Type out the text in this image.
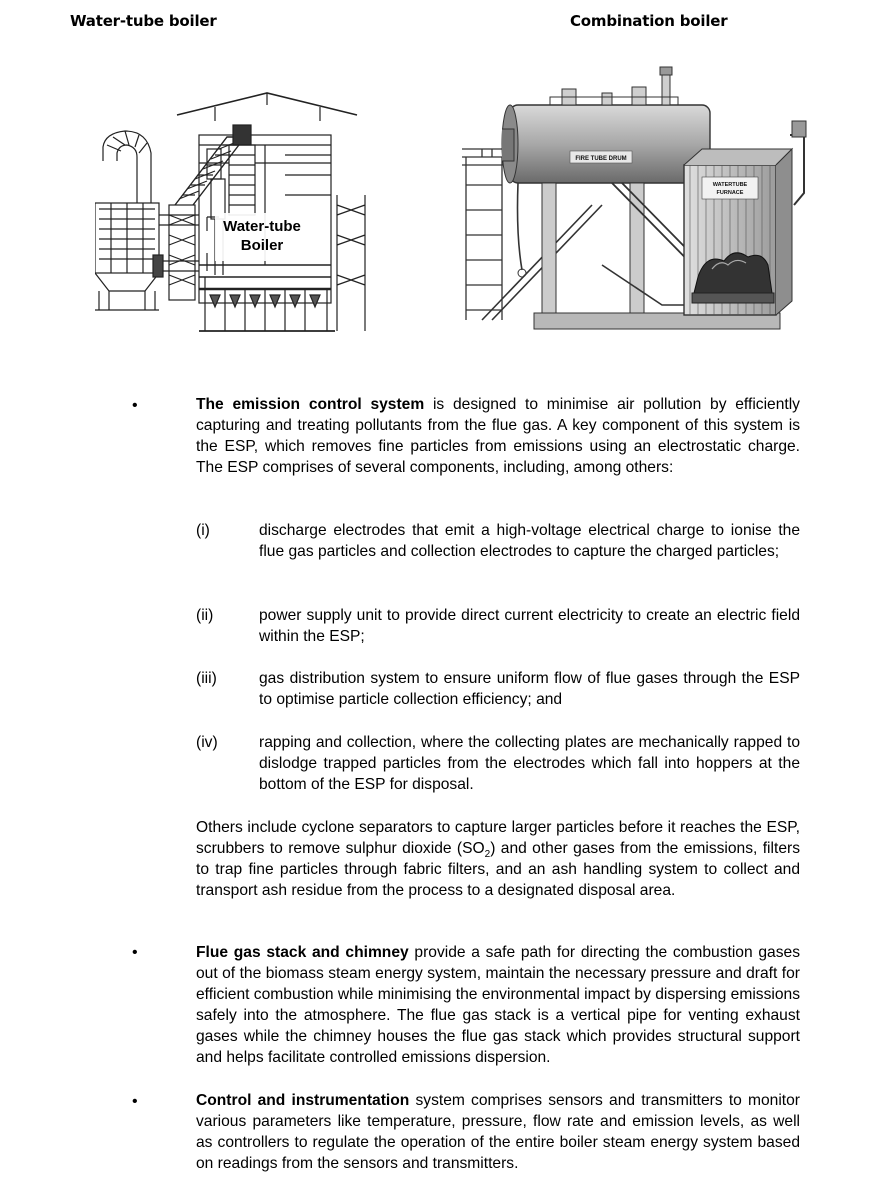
Water-tube boiler	Combination boiler
Water-tube
Boiler
FIRE TUBE DRUM
WATERTUBE
FURNACE
•	The emission control system is designed to minimise air pollution by efficiently capturing and treating pollutants from the flue gas. A key component of this system is the ESP, which removes fine particles from emissions using an electrostatic charge. The ESP comprises of several components, including, among others:
(i)	discharge electrodes that emit a high-voltage electrical charge to ionise the flue gas particles and collection electrodes to capture the charged particles;
(ii)	power supply unit to provide direct current electricity to create an electric field within the ESP;
(iii)	gas distribution system to ensure uniform flow of flue gases through the ESP to optimise particle collection efficiency; and
(iv)	rapping and collection, where the collecting plates are mechanically rapped to dislodge trapped particles from the electrodes which fall into hoppers at the bottom of the ESP for disposal.
Others include cyclone separators to capture larger particles before it reaches the ESP, scrubbers to remove sulphur dioxide $(SO_2)$ and other gases from the emissions, filters to trap fine particles through fabric filters, and an ash handling system to collect and transport ash residue from the process to a designated disposal area.
•	Flue gas stack and chimney provide a safe path for directing the combustion gases out of the biomass steam energy system, maintain the necessary pressure and draft for efficient combustion while minimising the environmental impact by dispersing emissions safely into the atmosphere. The flue gas stack is a vertical pipe for venting exhaust gases while the chimney houses the flue gas stack which provides structural support and helps facilitate controlled emissions dispersion.
•	Control and instrumentation system comprises sensors and transmitters to monitor various parameters like temperature, pressure, flow rate and emission levels, as well as controllers to regulate the operation of the entire boiler steam energy system based on readings from the sensors and transmitters.
